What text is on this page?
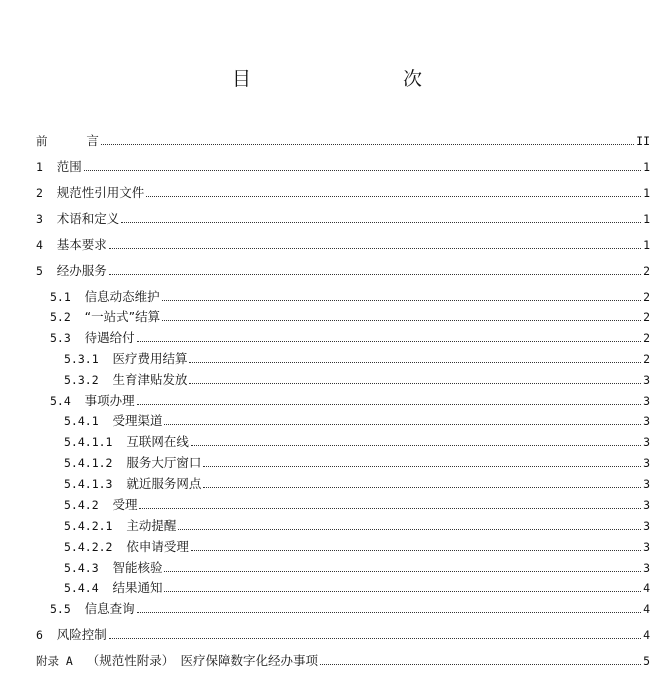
目　　次
前 　　言	II
1 范围	1
2 规范性引用文件	1
3 术语和定义	1
4 基本要求	1
5 经办服务	2
5.1 信息动态维护	2
5.2 “一站式”结算	2
5.3 待遇给付	2
5.3.1 医疗费用结算	2
5.3.2 生育津贴发放	3
5.4 事项办理	3
5.4.1 受理渠道	3
5.4.1.1 互联网在线	3
5.4.1.2 服务大厅窗口	3
5.4.1.3 就近服务网点	3
5.4.2 受理	3
5.4.2.1 主动提醒	3
5.4.2.2 依申请受理	3
5.4.3 智能核验	3
5.4.4 结果通知	4
5.5 信息查询	4
6 风险控制	4
附录 A （规范性附录）　医疗保障数字化经办事项	5
